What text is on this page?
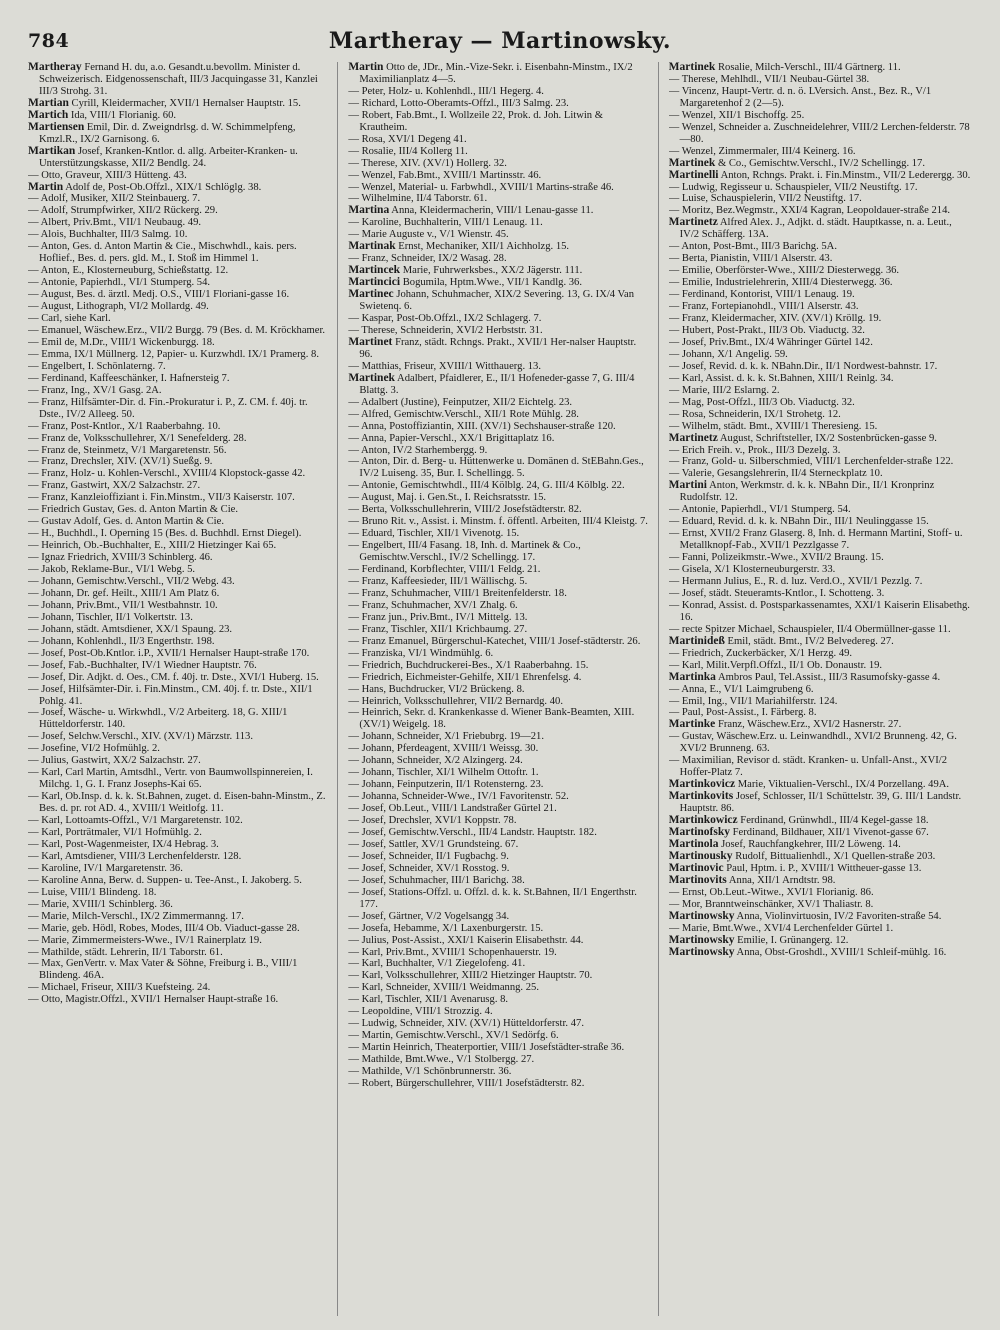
784	Martheray — Martinowsky.

Martheray Fernand H. du, a.o. Gesandt.u.bevollm. Minister d. Schweizerisch. Eidgenossenschaft, III/3 Jacquingasse 31, Kanzlei III/3 Strohg. 31.

Martian Cyrill, Kleidermacher, XVII/1 Hernalser Hauptstr. 15.

Martich Ida, VIII/1 Florianig. 60.

Martiensen Emil, Dir. d. Zweigndrlsg. d. W. Schimmelpfeng, Kmzl.R., IX/2 Garnisong. 6.

Martikan Josef, Kranken-Kntlor. d. allg. Arbeiter-Kranken- u. Unterstützungskasse, XII/2 Bendlg. 24.

— Otto, Graveur, XIII/3 Hütteng. 43.

Martin Adolf de, Post-Ob.Offzl., XIX/1 Schlöglg. 38.

— Adolf, Musiker, XII/2 Steinbauerg. 7.

— Adolf, Strumpfwirker, XII/2 Rückerg. 29.

— Albert, Priv.Bmt., VII/1 Neubaug. 49.

— Alois, Buchhalter, III/3 Salmg. 10.

— Anton, Ges. d. Anton Martin & Cie., Mischwhdl., kais. pers. Hoflief., Bes. d. pers. gld. M., I. Stoß im Himmel 1.

— Anton, E., Klosterneuburg, Schießstattg. 12.

— Antonie, Papierhdl., VI/1 Stumperg. 54.

— August, Bes. d. ärztl. Medj. O.S., VIII/1 Floriani-gasse 16.

— August, Lithograph, VI/2 Mollardg. 49.

— Carl, siehe Karl.

— Emanuel, Wäschew.Erz., VII/2 Burgg. 79 (Bes. d. M. Kröckhamer.

— Emil de, M.Dr., VIII/1 Wickenburgg. 18.

— Emma, IX/1 Müllnerg. 12, Papier- u. Kurzwhdl. IX/1 Pramerg. 8.

— Engelbert, I. Schönlaterng. 7.

— Ferdinand, Kaffeeschänker, I. Hafnersteig 7.

— Franz, Ing., XV/1 Gasg. 2A.

— Franz, Hilfsämter-Dir. d. Fin.-Prokuratur i. P., Z. CM. f. 40j. tr. Dste., IV/2 Alleeg. 50.

— Franz, Post-Kntlor., X/1 Raaberbahng. 10.

— Franz de, Volksschullehrer, X/1 Senefelderg. 28.

— Franz de, Steinmetz, V/1 Margaretenstr. 56.

— Franz, Drechsler, XIV. (XV/1) Sueßg. 9.

— Franz, Holz- u. Kohlen-Verschl., XVIII/4 Klopstock-gasse 42.

— Franz, Gastwirt, XX/2 Salzachstr. 27.

— Franz, Kanzleioffiziant i. Fin.Minstm., VII/3 Kaiserstr. 107.

— Friedrich Gustav, Ges. d. Anton Martin & Cie.

— Gustav Adolf, Ges. d. Anton Martin & Cie.

— H., Buchhdl., I. Operning 15 (Bes. d. Buchhdl. Ernst Diegel).

— Heinrich, Ob.-Buchhalter, E., XIII/2 Hietzinger Kai 65.

— Ignaz Friedrich, XVIII/3 Schinblerg. 46.

— Jakob, Reklame-Bur., VI/1 Webg. 5.

— Johann, Gemischtw.Verschl., VII/2 Webg. 43.

— Johann, Dr. gef. Heilt., XIII/1 Am Platz 6.

— Johann, Priv.Bmt., VII/1 Westbahnstr. 10.

— Johann, Tischler, II/1 Volkertstr. 13.

— Johann, städt. Amtsdiener, XX/1 Spaung. 23.

— Johann, Kohlenhdl., II/3 Engerthstr. 198.

— Josef, Post-Ob.Kntlor. i.P., XVII/1 Hernalser Haupt-straße 170.

— Josef, Fab.-Buchhalter, IV/1 Wiedner Hauptstr. 76.

— Josef, Dir. Adjkt. d. Oes., CM. f. 40j. tr. Dste., XVI/1 Huberg. 15.

— Josef, Hilfsämter-Dir. i. Fin.Minstm., CM. 40j. f. tr. Dste., XII/1 Pohlg. 41.

— Josef, Wäsche- u. Wirkwhdl., V/2 Arbeiterg. 18, G. XIII/1 Hütteldorferstr. 140.

— Josef, Selchw.Verschl., XIV. (XV/1) Märzstr. 113.

— Josefine, VI/2 Hofmühlg. 2.

— Julius, Gastwirt, XX/2 Salzachstr. 27.

— Karl, Carl Martin, Amtsdhl., Vertr. von Baumwollspinnereien, I. Milchg. 1, G. I. Franz Josephs-Kai 65.

— Karl, Ob.Insp. d. k. k. St.Bahnen, zuget. d. Eisen-bahn-Minstm., Z. Bes. d. pr. rot AD. 4., XVIII/1 Weitlofg. 11.

— Karl, Lottoamts-Offzl., V/1 Margaretenstr. 102.

— Karl, Porträtmaler, VI/1 Hofmühlg. 2.

— Karl, Post-Wagenmeister, IX/4 Hebrag. 3.

— Karl, Amtsdiener, VIII/3 Lerchenfelderstr. 128.

— Karoline, IV/1 Margaretenstr. 36.

— Karoline Anna, Berw. d. Suppen- u. Tee-Anst., I. Jakoberg. 5.

— Luise, VIII/1 Blindeng. 18.

— Marie, XVIII/1 Schinblerg. 36.

— Marie, Milch-Verschl., IX/2 Zimmermanng. 17.

— Marie, geb. Hödl, Robes, Modes, III/4 Ob. Viaduct-gasse 28.

— Marie, Zimmermeisters-Wwe., IV/1 Rainerplatz 19.

— Mathilde, städt. Lehrerin, II/1 Taborstr. 61.

— Max, GenVertr. v. Max Vater & Söhne, Freiburg i. B., VIII/1 Blindeng. 46A.

— Michael, Friseur, XIII/3 Kuefsteing. 24.

— Otto, Magistr.Offzl., XVII/1 Hernalser Haupt-straße 16.

Martin Otto de, JDr., Min.-Vize-Sekr. i. Eisenbahn-Minstm., IX/2 Maximilianplatz 4—5.

— Peter, Holz- u. Kohlenhdl., III/1 Hegerg. 4.

— Richard, Lotto-Oberamts-Offzl., III/3 Salmg. 23.

— Robert, Fab.Bmt., I. Wollzeile 22, Prok. d. Joh. Litwin & Krautheim.

— Rosa, XVI/1 Degeng 41.

— Rosalie, III/4 Kollerg 11.

— Therese, XIV. (XV/1) Hollerg. 32.

— Wenzel, Fab.Bmt., XVIII/1 Martinsstr. 46.

— Wenzel, Material- u. Farbwhdl., XVIII/1 Martins-straße 46.

— Wilhelmine, II/4 Taborstr. 61.

Martina Anna, Kleidermacherin, VIII/1 Lenau-gasse 11.

— Karoline, Buchhalterin, VIII/1 Lenaug. 11.

— Marie Auguste v., V/1 Wienstr. 45.

Martinak Ernst, Mechaniker, XII/1 Aichholzg. 15.

— Franz, Schneider, IX/2 Wasag. 28.

Martincek Marie, Fuhrwerksbes., XX/2 Jägerstr. 111.

Martincici Bogumila, Hptm.Wwe., VII/1 Kandlg. 36.

Martinec Johann, Schuhmacher, XIX/2 Severing. 13, G. IX/4 Van Swietenq. 6.

— Kaspar, Post-Ob.Offzl., IX/2 Schlagerg. 7.

— Therese, Schneiderin, XVI/2 Herbststr. 31.

Martinet Franz, städt. Rchngs. Prakt., XVII/1 Her-nalser Hauptstr. 96.

— Matthias, Friseur, XVIII/1 Witthauerg. 13.

Martinek Adalbert, Pfaidlerer, E., II/1 Hofeneder-gasse 7, G. III/4 Blattg. 3.

— Adalbert (Justine), Feinputzer, XII/2 Eichtelg. 23.

— Alfred, Gemischtw.Verschl., XII/1 Rote Mühlg. 28.

— Anna, Postoffiziantin, XIII. (XV/1) Sechshauser-straße 120.

— Anna, Papier-Verschl., XX/1 Brigittaplatz 16.

— Anton, IV/2 Starhembergg. 9.

— Anton, Dir. d. Berg- u. Hüttenwerke u. Domänen d. StEBahn.Ges., IV/2 Luiseng. 35, Bur. I. Schellingg. 5.

— Antonie, Gemischtwhdl., III/4 Kölblg. 24, G. III/4 Kölblg. 22.

— August, Maj. i. Gen.St., I. Reichsratsstr. 15.

— Berta, Volksschullehrerin, VIII/2 Josefstädterstr. 82.

— Bruno Rit. v., Assist. i. Minstm. f. öffentl. Arbeiten, III/4 Kleistg. 7.

— Eduard, Tischler, XII/1 Vivenotg. 15.

— Engelbert, III/4 Fasang. 18, Inh. d. Martinek & Co., Gemischtw.Verschl., IV/2 Schellingg. 17.

— Ferdinand, Korbflechter, VIII/1 Feldg. 21.

— Franz, Kaffeesieder, III/1 Wällischg. 5.

— Franz, Schuhmacher, VIII/1 Breitenfelderstr. 18.

— Franz, Schuhmacher, XV/1 Zhalg. 6.

— Franz jun., Priv.Bmt., IV/1 Mittelg. 13.

— Franz, Tischler, XII/1 Krichbaumg. 27.

— Franz Emanuel, Bürgerschul-Katechet, VIII/1 Josef-städterstr. 26.

— Franziska, VI/1 Windmühlg. 6.

— Friedrich, Buchdruckerei-Bes., X/1 Raaberbahng. 15.

— Friedrich, Eichmeister-Gehilfe, XII/1 Ehrenfelsg. 4.

— Hans, Buchdrucker, VI/2 Brückeng. 8.

— Heinrich, Volksschullehrer, VII/2 Bernardg. 40.

— Heinrich, Sekr. d. Krankenkasse d. Wiener Bank-Beamten, XIII. (XV/1) Weigelg. 18.

— Johann, Schneider, X/1 Friebubrg. 19—21.

— Johann, Pferdeagent, XVIII/1 Weissg. 30.

— Johann, Schneider, X/2 Alzingerg. 24.

— Johann, Tischler, XI/1 Wilhelm Ottoftr. 1.

— Johann, Feinputzerin, II/1 Rotensterng. 23.

— Johanna, Schneider-Wwe., IV/1 Favoritenstr. 52.

— Josef, Ob.Leut., VIII/1 Landstraßer Gürtel 21.

— Josef, Drechsler, XVI/1 Koppstr. 78.

— Josef, Gemischtw.Verschl., III/4 Landstr. Hauptstr. 182.

— Josef, Sattler, XV/1 Grundsteing. 67.

— Josef, Schneider, II/1 Fugbachg. 9.

— Josef, Schneider, XV/1 Rosstog. 9.

— Josef, Schuhmacher, III/1 Barichg. 38.

— Josef, Stations-Offzl. u. Offzl. d. k. k. St.Bahnen, II/1 Engerthstr. 177.

— Josef, Gärtner, V/2 Vogelsangg 34.

— Josefa, Hebamme, X/1 Laxenburgerstr. 15.

— Julius, Post-Assist., XXI/1 Kaiserin Elisabethstr. 44.

— Karl, Priv.Bmt., XVIII/1 Schopenhauerstr. 19.

— Karl, Buchhalter, V/1 Ziegelofeng. 41.

— Karl, Volksschullehrer, XIII/2 Hietzinger Hauptstr. 70.

— Karl, Schneider, XVIII/1 Weidmanng. 25.

— Karl, Tischler, XII/1 Avenarusg. 8.

— Leopoldine, VIII/1 Strozzig. 4.

— Ludwig, Schneider, XIV. (XV/1) Hütteldorferstr. 47.

— Martin, Gemischtw.Verschl., XV/1 Sedörfg. 6.

— Martin Heinrich, Theaterportier, VIII/1 Josefstädter-straße 36.

— Mathilde, Bmt.Wwe., V/1 Stolbergg. 27.

— Mathilde, V/1 Schönbrunnerstr. 36.

— Robert, Bürgerschullehrer, VIII/1 Josefstädterstr. 82.

Martinek Rosalie, Milch-Verschl., III/4 Gärtnerg. 11.

— Therese, Mehlhdl., VII/1 Neubau-Gürtel 38.

— Vincenz, Haupt-Vertr. d. n. ö. LVersich. Anst., Bez. R., V/1 Margaretenhof 2 (2—5).

— Wenzel, XII/1 Bischoffg. 25.

— Wenzel, Schneider a. Zuschneidelehrer, VIII/2 Lerchen-felderstr. 78—80.

— Wenzel, Zimmermaler, III/4 Keinerg. 16.

Martinek & Co., Gemischtw.Verschl., IV/2 Schellingg. 17.

Martinelli Anton, Rchngs. Prakt. i. Fin.Minstm., VII/2 Lederergg. 30.

— Ludwig, Regisseur u. Schauspieler, VII/2 Neustiftg. 17.

— Luise, Schauspielerin, VII/2 Neustiftg. 17.

— Moritz, Bez.Wegmstr., XXI/4 Kagran, Leopoldauer-straße 214.

Martinetz Alfred Alex. J., Adjkt. d. städt. Hauptkasse, n. a. Leut., IV/2 Schäfferg. 13A.

— Anton, Post-Bmt., III/3 Barichg. 5A.

— Berta, Pianistin, VIII/1 Alserstr. 43.

— Emilie, Oberförster-Wwe., XIII/2 Diesterwegg. 36.

— Emilie, Industrielehrerin, XIII/4 Diesterwegg. 36.

— Ferdinand, Kontorist, VIII/1 Lenaug. 19.

— Franz, Fortepianohdl., VIII/1 Alserstr. 43.

— Franz, Kleidermacher, XIV. (XV/1) Kröllg. 19.

— Hubert, Post-Prakt., III/3 Ob. Viaductg. 32.

— Josef, Priv.Bmt., IX/4 Währinger Gürtel 142.

— Johann, X/1 Angelig. 59.

— Josef, Revid. d. k. k. NBahn.Dir., II/1 Nordwest-bahnstr. 17.

— Karl, Assist. d. k. k. St.Bahnen, XIII/1 Reinlg. 34.

— Marie, III/2 Eslarng. 2.

— Mag, Post-Offzl., III/3 Ob. Viaductg. 32.

— Rosa, Schneiderin, IX/1 Strohetg. 12.

— Wilhelm, städt. Bmt., XVIII/1 Theresieng. 15.

Martinetz August, Schriftsteller, IX/2 Sostenbrücken-gasse 9.

— Erich Freih. v., Prok., III/3 Dezelg. 3.

— Franz, Gold- u. Silberschmied, VIII/1 Lerchenfelder-straße 122.

— Valerie, Gesangslehrerin, II/4 Sterneckplatz 10.

Martini Anton, Werkmstr. d. k. k. NBahn Dir., II/1 Kronprinz Rudolfstr. 12.

— Antonie, Papierhdl., VI/1 Stumperg. 54.

— Eduard, Revid. d. k. k. NBahn Dir., III/1 Neulinggasse 15.

— Ernst, XVII/2 Franz Glaserg. 8, Inh. d. Hermann Martini, Stoff- u. Metallknopf-Fab., XVII/1 Pezzlgasse 7.

— Fanni, Polizeikmstr.-Wwe., XVII/2 Braung. 15.

— Gisela, X/1 Klosterneuburgerstr. 33.

— Hermann Julius, E., R. d. luz. Verd.O., XVII/1 Pezzlg. 7.

— Josef, städt. Steueramts-Kntlor., I. Schotteng. 3.

— Konrad, Assist. d. Postsparkassenamtes, XXI/1 Kaiserin Elisabethg. 16.

— recte Spitzer Michael, Schauspieler, II/4 Obermüllner-gasse 11.

Martinideß Emil, städt. Bmt., IV/2 Belvedereg. 27.

— Friedrich, Zuckerbäcker, X/1 Herzg. 49.

— Karl, Milit.Verpfl.Offzl., II/1 Ob. Donaustr. 19.

Martinka Ambros Paul, Tel.Assist., III/3 Rasumofsky-gasse 4.

— Anna, E., VI/1 Laimgrubeng 6.

— Emil, Ing., VII/1 Mariahilferstr. 124.

— Paul, Post-Assist., I. Färberg. 8.

Martinke Franz, Wäschew.Erz., XVI/2 Hasnerstr. 27.

— Gustav, Wäschew.Erz. u. Leinwandhdl., XVI/2 Brunneng. 42, G. XVI/2 Brunneng. 63.

— Maximilian, Revisor d. städt. Kranken- u. Unfall-Anst., XVI/2 Hoffer-Platz 7.

Martinkovicz Marie, Viktualien-Verschl., IX/4 Porzellang. 49A.

Martinkovits Josef, Schlosser, II/1 Schüttelstr. 39, G. III/1 Landstr. Hauptstr. 86.

Martinkowicz Ferdinand, Grünwhdl., III/4 Kegel-gasse 18.

Martinofsky Ferdinand, Bildhauer, XII/1 Vivenot-gasse 67.

Martinola Josef, Rauchfangkehrer, III/2 Löweng. 14.

Martinousky Rudolf, Bittualienhdl., X/1 Quellen-straße 203.

Martinovic Paul, Hptm. i. P., XVIII/1 Wittheuer-gasse 13.

Martinovits Anna, XII/1 Arndtstr. 98.

— Ernst, Ob.Leut.-Witwe., XVI/1 Florianig. 86.

— Mor, Branntweinschänker, XV/1 Thaliastr. 8.

Martinowsky Anna, Violinvirtuosin, IV/2 Favoriten-straße 54.

— Marie, Bmt.Wwe., XVI/4 Lerchenfelder Gürtel 1.

Martinowsky Emilie, I. Grünangerg. 12.

Martinowsky Anna, Obst-Groshdl., XVIII/1 Schleif-mühlg. 16.
